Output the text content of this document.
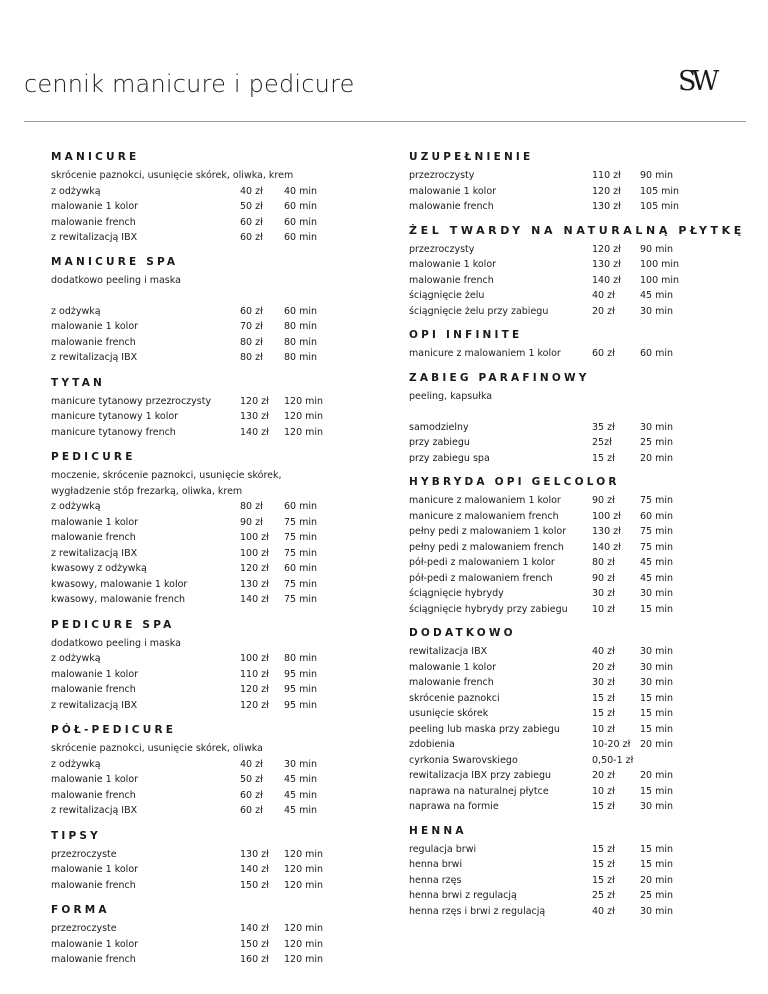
cennik manicure i pedicure	SW
MANICURE
skrócenie paznokci, usunięcie skórek, oliwka, krem
z odżywką	40 zł 40 min
malowanie 1 kolor	50 zł 60 min
malowanie french	60 zł 60 min
z rewitalizacją IBX	60 zł 60 min
MANICURE SPA
dodatkowo peeling i maska
z odżywką	60 zł 60 min
malowanie 1 kolor	70 zł 80 min
malowanie french	80 zł 80 min
z rewitalizacją IBX	80 zł 80 min
TYTAN
manicure tytanowy przezroczysty	120 zł 120 min
manicure tytanowy 1 kolor	130 zł 120 min
manicure tytanowy french	140 zł 120 min
PEDICURE
moczenie, skrócenie paznokci, usunięcie skórek,
wygładzenie stóp frezarką, oliwka, krem
z odżywką	80 zł 60 min
malowanie 1 kolor	90 zł 75 min
malowanie french	100 zł 75 min
z rewitalizacją IBX	100 zł 75 min
kwasowy z odżywką	120 zł 60 min
kwasowy, malowanie 1 kolor	130 zł 75 min
kwasowy, malowanie french	140 zł 75 min
PEDICURE SPA
dodatkowo peeling i maska
z odżywką	100 zł 80 min
malowanie 1 kolor	110 zł 95 min
malowanie french	120 zł 95 min
z rewitalizacją IBX	120 zł 95 min
PÓŁ-PEDICURE
skrócenie paznokci, usunięcie skórek, oliwka
z odżywką	40 zł 30 min
malowanie 1 kolor	50 zł 45 min
malowanie french	60 zł 45 min
z rewitalizacją IBX	60 zł 45 min
TIPSY
przezroczyste	130 zł 120 min
malowanie 1 kolor	140 zł 120 min
malowanie french	150 zł 120 min
FORMA
przezroczyste	140 zł 120 min
malowanie 1 kolor	150 zł 120 min
malowanie french	160 zł 120 min
UZUPEŁNIENIE
przezroczysty	110 zł 90 min
malowanie 1 kolor	120 zł 105 min
malowanie french	130 zł 105 min
ŻEL TWARDY NA NATURALNĄ PŁYTKĘ
przezroczysty	120 zł 90 min
malowanie 1 kolor	130 zł 100 min
malowanie french	140 zł 100 min
ściągnięcie żelu	40 zł	45 min
ściągnięcie żelu przy zabiegu	20 zł	30 min
OPI INFINITE
manicure z malowaniem 1 kolor	60 zł	60 min
ZABIEG PARAFINOWY
peeling, kapsułka
samodzielny	35 zł	30 min
przy zabiegu	25zł	25 min
przy zabiegu spa	15 zł	20 min
HYBRYDA OPI GELCOLOR
manicure z malowaniem 1 kolor	90 zł	75 min
manicure z malowaniem french	100 zł 60 min
pełny pedi z malowaniem 1 kolor	130 zł 75 min
pełny pedi z malowaniem french	140 zł 75 min
pół-pedi z malowaniem 1 kolor	80 zł	45 min
pół-pedi z malowaniem french	90 zł	45 min
ściągnięcie hybrydy	30 zł	30 min
ściągnięcie hybrydy przy zabiegu	10 zł	15 min
DODATKOWO
rewitalizacja IBX	40 zł	30 min
malowanie 1 kolor	20 zł	30 min
malowanie french	30 zł	30 min
skrócenie paznokci	15 zł	15 min
usunięcie skórek	15 zł	15 min
peeling lub maska przy zabiegu	10 zł	15 min
zdobienia	10-20 zł 20 min
cyrkonia Swarovskiego	0,50-1 zł
rewitalizacja IBX przy zabiegu	20 zł	20 min
naprawa na naturalnej płytce	10 zł	15 min
naprawa na formie	15 zł	30 min
HENNA
regulacja brwi	15 zł	15 min
henna brwi	15 zł	15 min
henna rzęs	15 zł	20 min
henna brwi z regulacją	25 zł	25 min
henna rzęs i brwi z regulacją	40 zł	30 min
